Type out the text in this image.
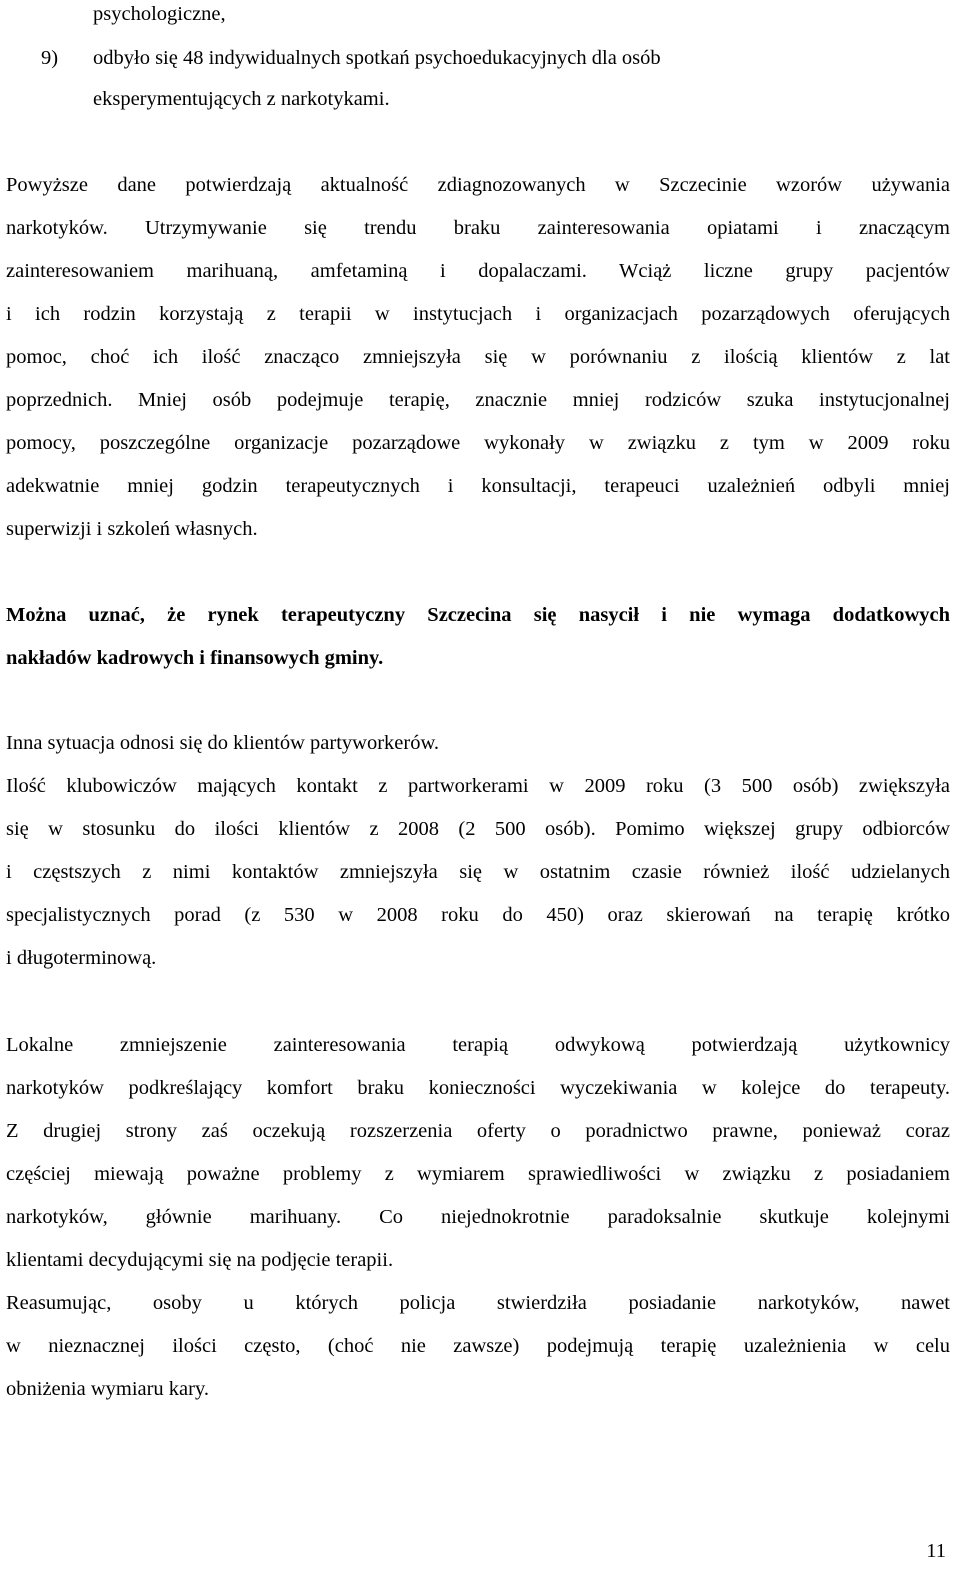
psychologiczne,
9) odbyło się 48 indywidualnych spotkań psychoedukacyjnych dla osób
eksperymentujących z narkotykami.
Powyższe dane potwierdzają aktualność zdiagnozowanych w Szczecinie wzorów używania
narkotyków. Utrzymywanie się trendu braku zainteresowania opiatami i znaczącym
zainteresowaniem marihuaną, amfetaminą i dopalaczami. Wciąż liczne grupy pacjentów
i ich rodzin korzystają z terapii w instytucjach i organizacjach pozarządowych oferujących
pomoc, choć ich ilość znacząco zmniejszyła się w porównaniu z ilością klientów z lat
poprzednich. Mniej osób podejmuje terapię, znacznie mniej rodziców szuka instytucjonalnej
pomocy, poszczególne organizacje pozarządowe wykonały w związku z tym w 2009 roku
adekwatnie mniej godzin terapeutycznych i konsultacji, terapeuci uzależnień odbyli mniej
superwizji i szkoleń własnych.
Można uznać, że rynek terapeutyczny Szczecina się nasycił i nie wymaga dodatkowych
nakładów kadrowych i finansowych gminy.
Inna sytuacja odnosi się do klientów partyworkerów.
Ilość klubowiczów mających kontakt z partworkerami w 2009 roku (3 500 osób) zwiększyła
się w stosunku do ilości klientów z 2008 (2 500 osób). Pomimo większej grupy odbiorców
i częstszych z nimi kontaktów zmniejszyła się w ostatnim czasie również ilość udzielanych
specjalistycznych porad (z 530 w 2008 roku do 450) oraz skierowań na terapię krótko
i długoterminową.
Lokalne zmniejszenie zainteresowania terapią odwykową potwierdzają użytkownicy
narkotyków podkreślający komfort braku konieczności wyczekiwania w kolejce do terapeuty.
Z drugiej strony zaś oczekują rozszerzenia oferty o poradnictwo prawne, ponieważ coraz
częściej miewają poważne problemy z wymiarem sprawiedliwości w związku z posiadaniem
narkotyków, głównie marihuany. Co niejednokrotnie paradoksalnie skutkuje kolejnymi
klientami decydującymi się na podjęcie terapii.
Reasumując, osoby u których policja stwierdziła posiadanie narkotyków, nawet
w nieznacznej ilości często, (choć nie zawsze) podejmują terapię uzależnienia w celu
obniżenia wymiaru kary.
11
